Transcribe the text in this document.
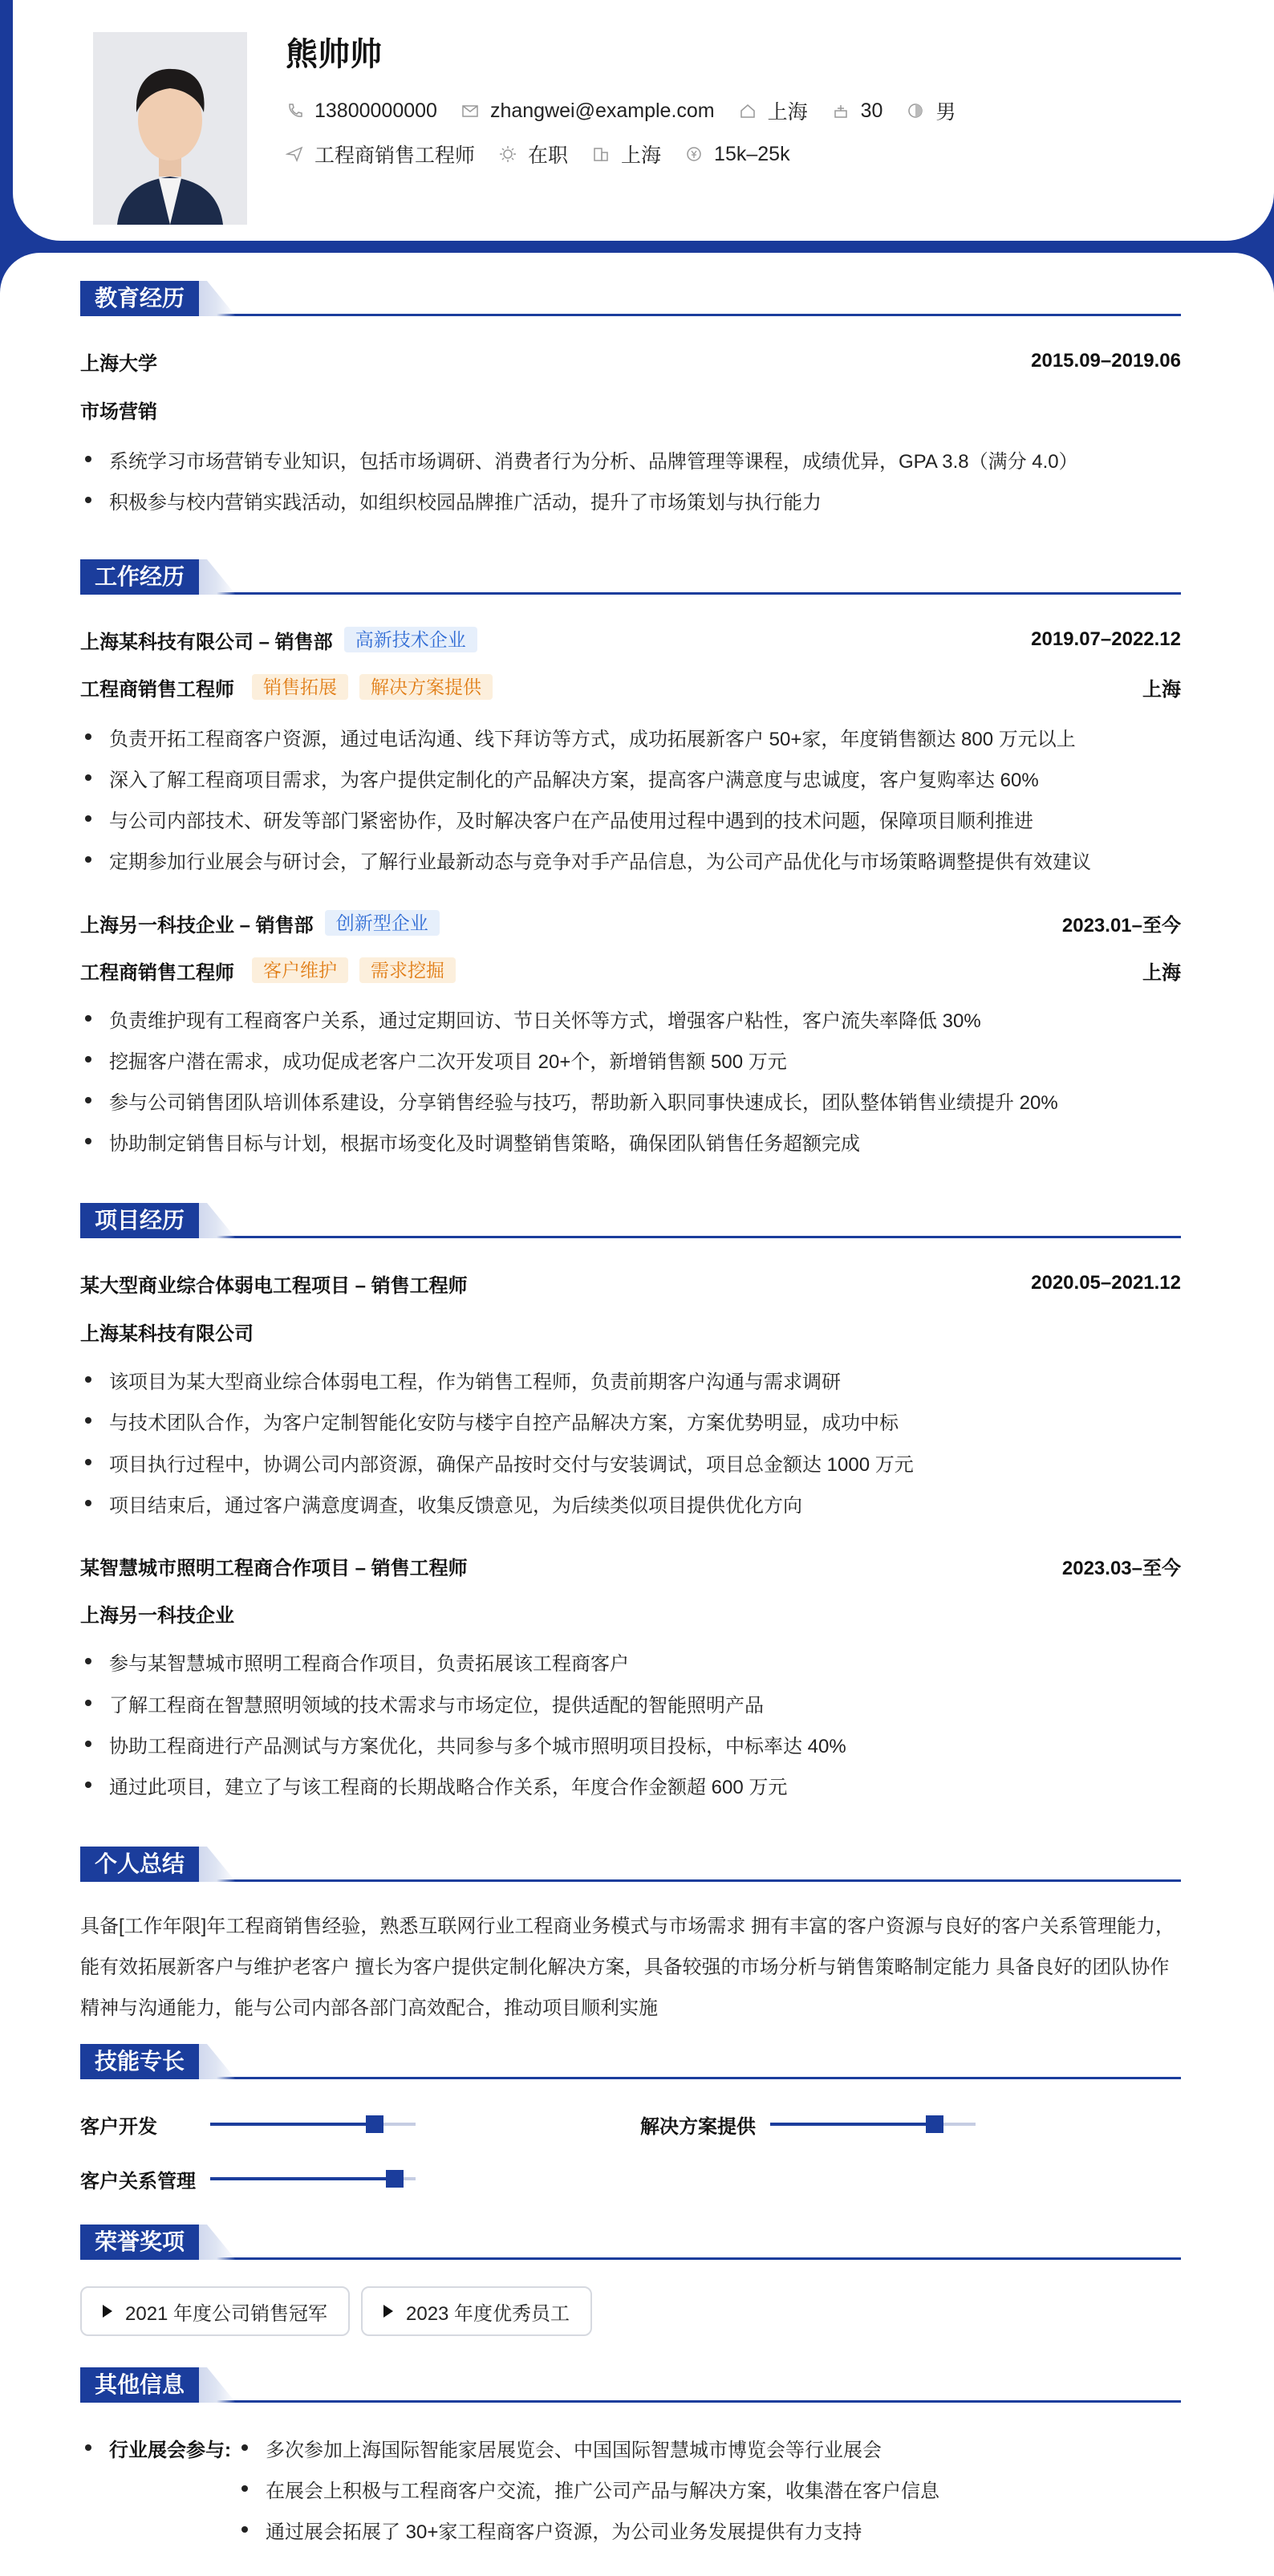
熊帅帅
13800000000	zhangwei@example.com	上海	30	男
工程商销售工程师	在职	上海	15k–25k
教育经历
上海大学	2015.09–2019.06
市场营销
系统学习市场营销专业知识，包括市场调研、消费者行为分析、品牌管理等课程，成绩优异，GPA 3.8（满分 4.0）
积极参与校内营销实践活动，如组织校园品牌推广活动，提升了市场策划与执行能力
工作经历
上海某科技有限公司 – 销售部	高新技术企业	2019.07–2022.12
工程商销售工程师	销售拓展	解决方案提供	上海
负责开拓工程商客户资源，通过电话沟通、线下拜访等方式，成功拓展新客户 50+家，年度销售额达 800 万元以上
深入了解工程商项目需求，为客户提供定制化的产品解决方案，提高客户满意度与忠诚度，客户复购率达 60%
与公司内部技术、研发等部门紧密协作，及时解决客户在产品使用过程中遇到的技术问题，保障项目顺利推进
定期参加行业展会与研讨会，了解行业最新动态与竞争对手产品信息，为公司产品优化与市场策略调整提供有效建议
上海另一科技企业 – 销售部	创新型企业	2023.01–至今
工程商销售工程师	客户维护	需求挖掘	上海
负责维护现有工程商客户关系，通过定期回访、节日关怀等方式，增强客户粘性，客户流失率降低 30%
挖掘客户潜在需求，成功促成老客户二次开发项目 20+个，新增销售额 500 万元
参与公司销售团队培训体系建设，分享销售经验与技巧，帮助新入职同事快速成长，团队整体销售业绩提升 20%
协助制定销售目标与计划，根据市场变化及时调整销售策略，确保团队销售任务超额完成
项目经历
某大型商业综合体弱电工程项目 – 销售工程师	2020.05–2021.12
上海某科技有限公司
该项目为某大型商业综合体弱电工程，作为销售工程师，负责前期客户沟通与需求调研
与技术团队合作，为客户定制智能化安防与楼宇自控产品解决方案，方案优势明显，成功中标
项目执行过程中，协调公司内部资源，确保产品按时交付与安装调试，项目总金额达 1000 万元
项目结束后，通过客户满意度调查，收集反馈意见，为后续类似项目提供优化方向
某智慧城市照明工程商合作项目 – 销售工程师	2023.03–至今
上海另一科技企业
参与某智慧城市照明工程商合作项目，负责拓展该工程商客户
了解工程商在智慧照明领域的技术需求与市场定位，提供适配的智能照明产品
协助工程商进行产品测试与方案优化，共同参与多个城市照明项目投标，中标率达 40%
通过此项目，建立了与该工程商的长期战略合作关系，年度合作金额超 600 万元
个人总结
具备[工作年限]年工程商销售经验，熟悉互联网行业工程商业务模式与市场需求 拥有丰富的客户资源与良好的客户关系管理能力，
能有效拓展新客户与维护老客户 擅长为客户提供定制化解决方案，具备较强的市场分析与销售策略制定能力 具备良好的团队协作
精神与沟通能力，能与公司内部各部门高效配合，推动项目顺利实施
技能专长
客户开发	解决方案提供
客户关系管理
荣誉奖项
2021 年度公司销售冠军	2023 年度优秀员工
其他信息
行业展会参与: 多次参加上海国际智能家居展览会、中国国际智慧城市博览会等行业展会
在展会上积极与工程商客户交流，推广公司产品与解决方案，收集潜在客户信息
通过展会拓展了 30+家工程商客户资源，为公司业务发展提供有力支持
